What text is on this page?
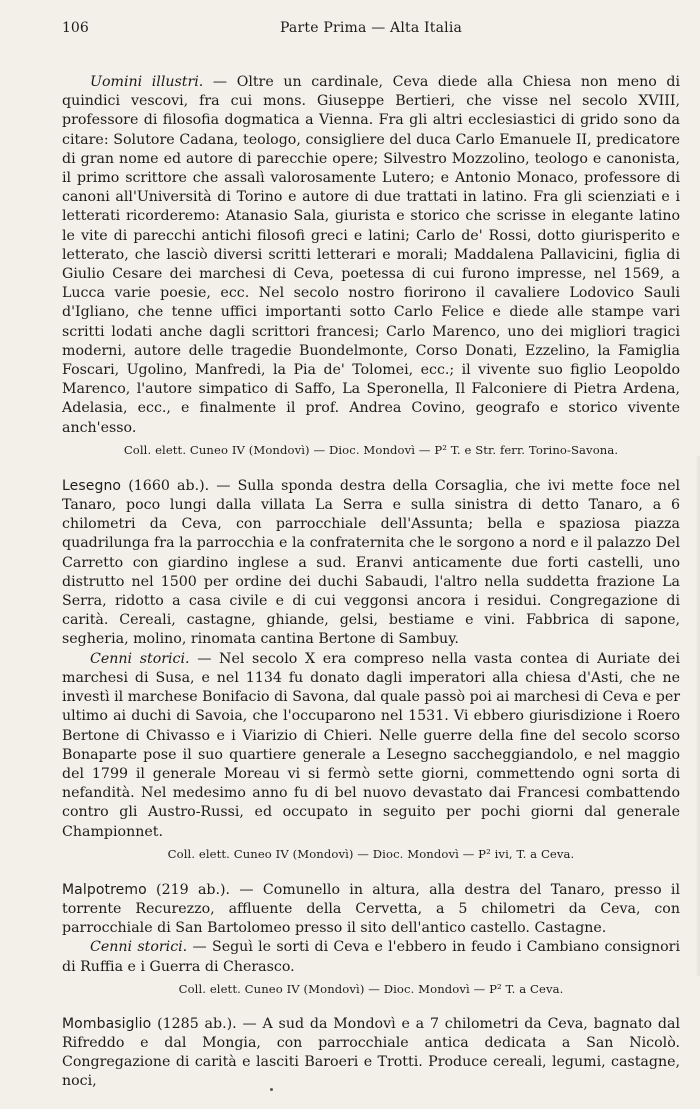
106	Parte Prima — Alta Italia

Uomini illustri. — Oltre un cardinale, Ceva diede alla Chiesa non meno di quindici vescovi, fra cui mons. Giuseppe Bertieri, che visse nel secolo XVIII, professore di filosofia dogmatica a Vienna. Fra gli altri ecclesiastici di grido sono da citare: Solutore Cadana, teologo, consigliere del duca Carlo Emanuele II, predicatore di gran nome ed autore di parecchie opere; Silvestro Mozzolino, teologo e canonista, il primo scrittore che assalì valorosamente Lutero; e Antonio Monaco, professore di canoni all'Università di Torino e autore di due trattati in latino. Fra gli scienziati e i letterati ricorderemo: Atanasio Sala, giurista e storico che scrisse in elegante latino le vite di parecchi antichi filosofi greci e latini; Carlo de' Rossi, dotto giurisperito e letterato, che lasciò diversi scritti letterari e morali; Maddalena Pallavicini, figlia di Giulio Cesare dei marchesi di Ceva, poetessa di cui furono impresse, nel 1569, a Lucca varie poesie, ecc. Nel secolo nostro fiorirono il cavaliere Lodovico Sauli d'Igliano, che tenne uffici importanti sotto Carlo Felice e diede alle stampe vari scritti lodati anche dagli scrittori francesi; Carlo Marenco, uno dei migliori tragici moderni, autore delle tragedie Buondelmonte, Corso Donati, Ezzelino, la Famiglia Foscari, Ugolino, Manfredi, la Pia de' Tolomei, ecc.; il vivente suo figlio Leopoldo Marenco, l'autore simpatico di Saffo, La Speronella, Il Falconiere di Pietra Ardena, Adelasia, ecc., e finalmente il prof. Andrea Covino, geografo e storico vivente anch'esso.

Coll. elett. Cuneo IV (Mondovì) — Dioc. Mondovì — P² T. e Str. ferr. Torino-Savona.

Lesegno (1660 ab.). — Sulla sponda destra della Corsaglia, che ivi mette foce nel Tanaro, poco lungi dalla villata La Serra e sulla sinistra di detto Tanaro, a 6 chilometri da Ceva, con parrocchiale dell'Assunta; bella e spaziosa piazza quadrilunga fra la parrocchia e la confraternita che le sorgono a nord e il palazzo Del Carretto con giardino inglese a sud. Eranvi anticamente due forti castelli, uno distrutto nel 1500 per ordine dei duchi Sabaudi, l'altro nella suddetta frazione La Serra, ridotto a casa civile e di cui veggonsi ancora i residui. Congregazione di carità. Cereali, castagne, ghiande, gelsi, bestiame e vini. Fabbrica di sapone, segheria, molino, rinomata cantina Bertone di Sambuy.

Cenni storici. — Nel secolo X era compreso nella vasta contea di Auriate dei marchesi di Susa, e nel 1134 fu donato dagli imperatori alla chiesa d'Asti, che ne investì il marchese Bonifacio di Savona, dal quale passò poi ai marchesi di Ceva e per ultimo ai duchi di Savoia, che l'occuparono nel 1531. Vi ebbero giurisdizione i Roero Bertone di Chivasso e i Viarizio di Chieri. Nelle guerre della fine del secolo scorso Bonaparte pose il suo quartiere generale a Lesegno saccheggiandolo, e nel maggio del 1799 il generale Moreau vi si fermò sette giorni, commettendo ogni sorta di nefandità. Nel medesimo anno fu di bel nuovo devastato dai Francesi combattendo contro gli Austro-Russi, ed occupato in seguito per pochi giorni dal generale Championnet.

Coll. elett. Cuneo IV (Mondovì) — Dioc. Mondovì — P² ivi, T. a Ceva.

Malpotremo (219 ab.). — Comunello in altura, alla destra del Tanaro, presso il torrente Recurezzo, affluente della Cervetta, a 5 chilometri da Ceva, con parrocchiale di San Bartolomeo presso il sito dell'antico castello. Castagne.

Cenni storici. — Seguì le sorti di Ceva e l'ebbero in feudo i Cambiano consignori di Ruffia e i Guerra di Cherasco.

Coll. elett. Cuneo IV (Mondovì) — Dioc. Mondovì — P² T. a Ceva.

Mombasiglio (1285 ab.). — A sud da Mondovì e a 7 chilometri da Ceva, bagnato dal Rifreddo e dal Mongia, con parrocchiale antica dedicata a San Nicolò. Congregazione di carità e lasciti Baroeri e Trotti. Produce cereali, legumi, castagne, noci,
